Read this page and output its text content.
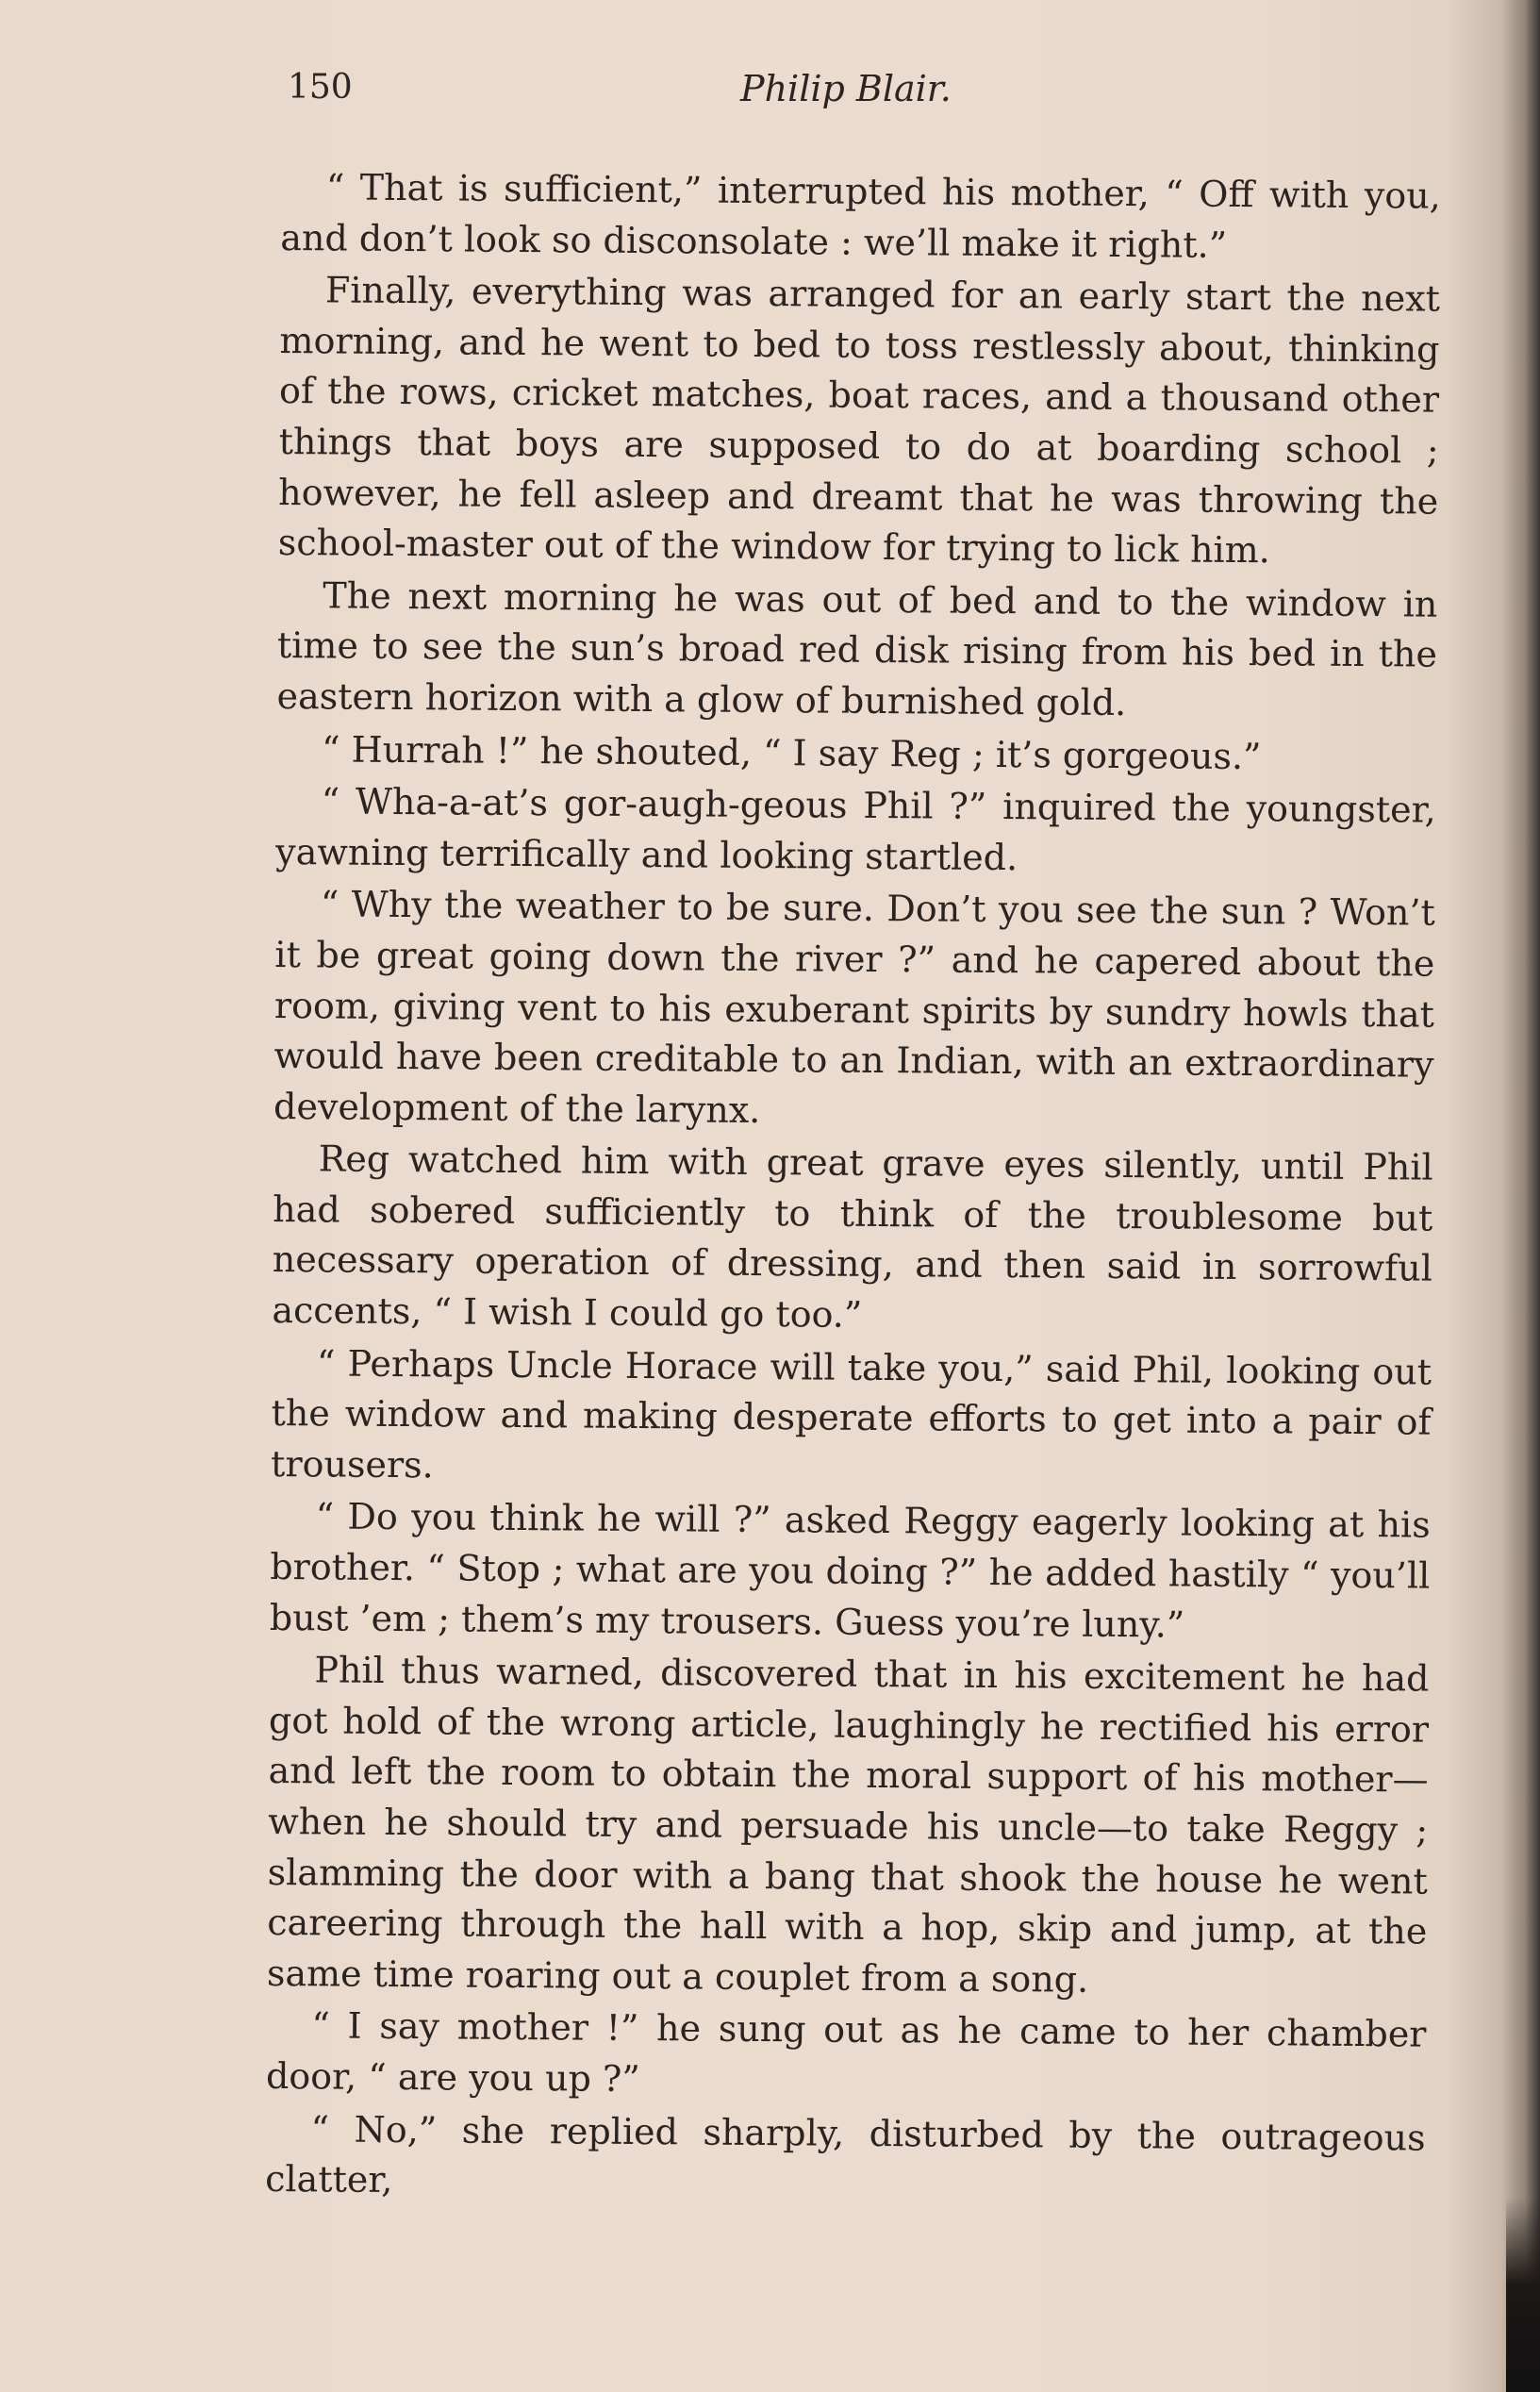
150	Philip Blair.

“ That is sufficient,” interrupted his mother, “ Off with you, and don’t look so disconsolate : we’ll make it right.”

Finally, everything was arranged for an early start the next morning, and he went to bed to toss restlessly about, thinking of the rows, cricket matches, boat races, and a thousand other things that boys are supposed to do at boarding school ; however, he fell asleep and dreamt that he was throwing the school-master out of the window for trying to lick him.

The next morning he was out of bed and to the window in time to see the sun’s broad red disk rising from his bed in the eastern horizon with a glow of burnished gold.

“ Hurrah !” he shouted, “ I say Reg ; it’s gorgeous.”

“ Wha-a-at’s gor-augh-geous Phil ?” inquired the youngster, yawning terrifically and looking startled.

“ Why the weather to be sure. Don’t you see the sun ? Won’t it be great going down the river ?” and he capered about the room, giving vent to his exuberant spirits by sundry howls that would have been creditable to an Indian, with an extraordinary development of the larynx.

Reg watched him with great grave eyes silently, until Phil had sobered sufficiently to think of the troublesome but necessary operation of dressing, and then said in sorrowful accents, “ I wish I could go too.”

“ Perhaps Uncle Horace will take you,” said Phil, looking out the window and making desperate efforts to get into a pair of trousers.

“ Do you think he will ?” asked Reggy eagerly looking at his brother. “ Stop ; what are you doing ?” he added hastily “ you’ll bust ’em ; them’s my trousers. Guess you’re luny.”

Phil thus warned, discovered that in his excitement he had got hold of the wrong article, laughingly he rectified his error and left the room to obtain the moral support of his mother—when he should try and persuade his uncle—to take Reggy ; slamming the door with a bang that shook the house he went careering through the hall with a hop, skip and jump, at the same time roaring out a couplet from a song.

“ I say mother !” he sung out as he came to her chamber door, “ are you up ?”

“ No,” she replied sharply, disturbed by the outrageous clatter,
